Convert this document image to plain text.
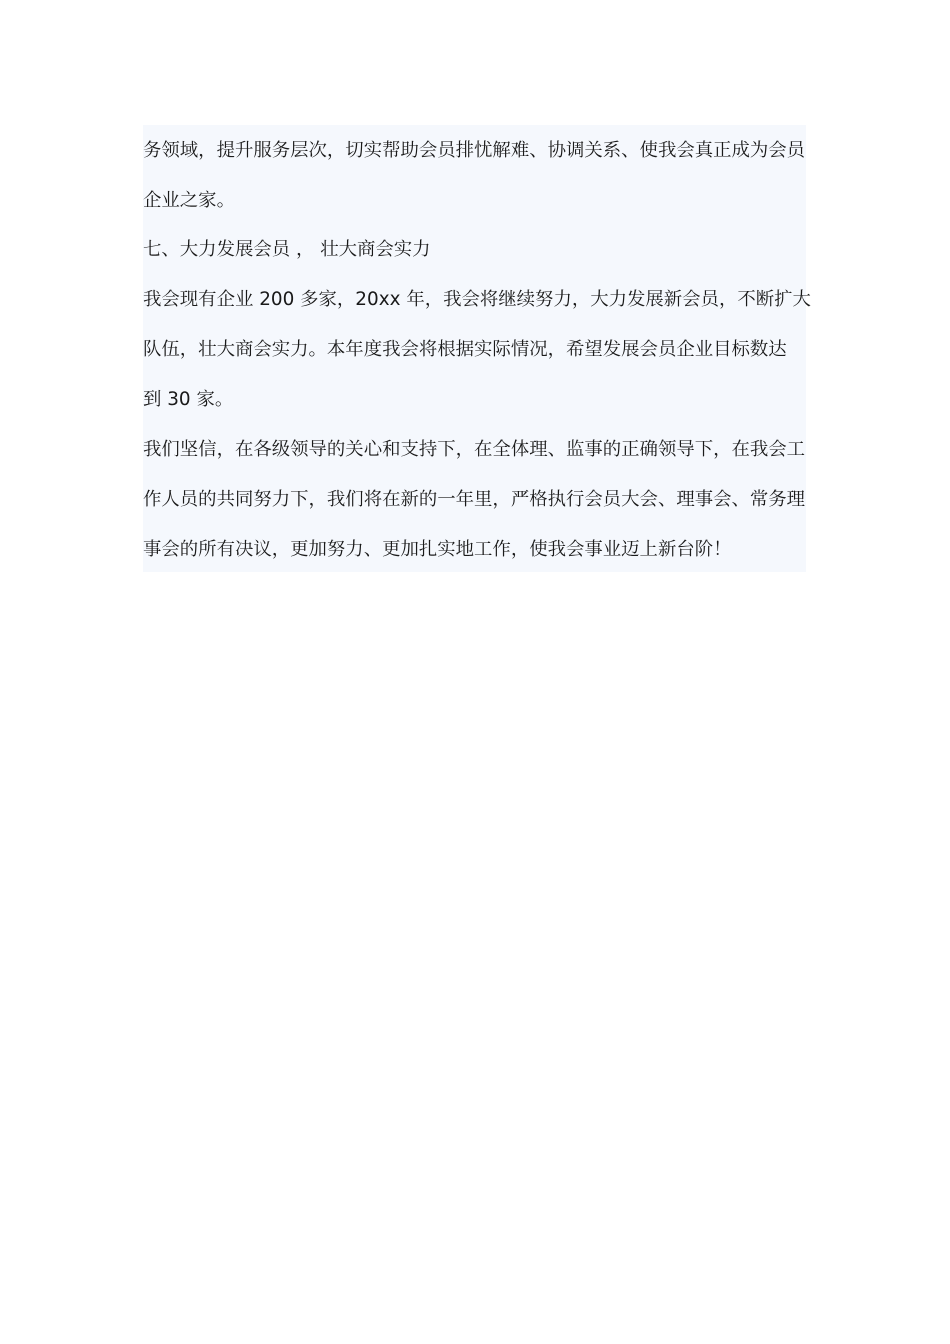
务领域，提升服务层次，切实帮助会员排忧解难、协调关系、使我会真正成为会员
企业之家。
七、大力发展会员 ， 壮大商会实力
我会现有企业 200 多家，20xx 年，我会将继续努力，大力发展新会员，不断扩大
队伍，壮大商会实力。本年度我会将根据实际情况，希望发展会员企业目标数达
到 30 家。
我们坚信，在各级领导的关心和支持下，在全体理、监事的正确领导下，在我会工
作人员的共同努力下，我们将在新的一年里，严格执行会员大会、理事会、常务理
事会的所有决议，更加努力、更加扎实地工作，使我会事业迈上新台阶！
